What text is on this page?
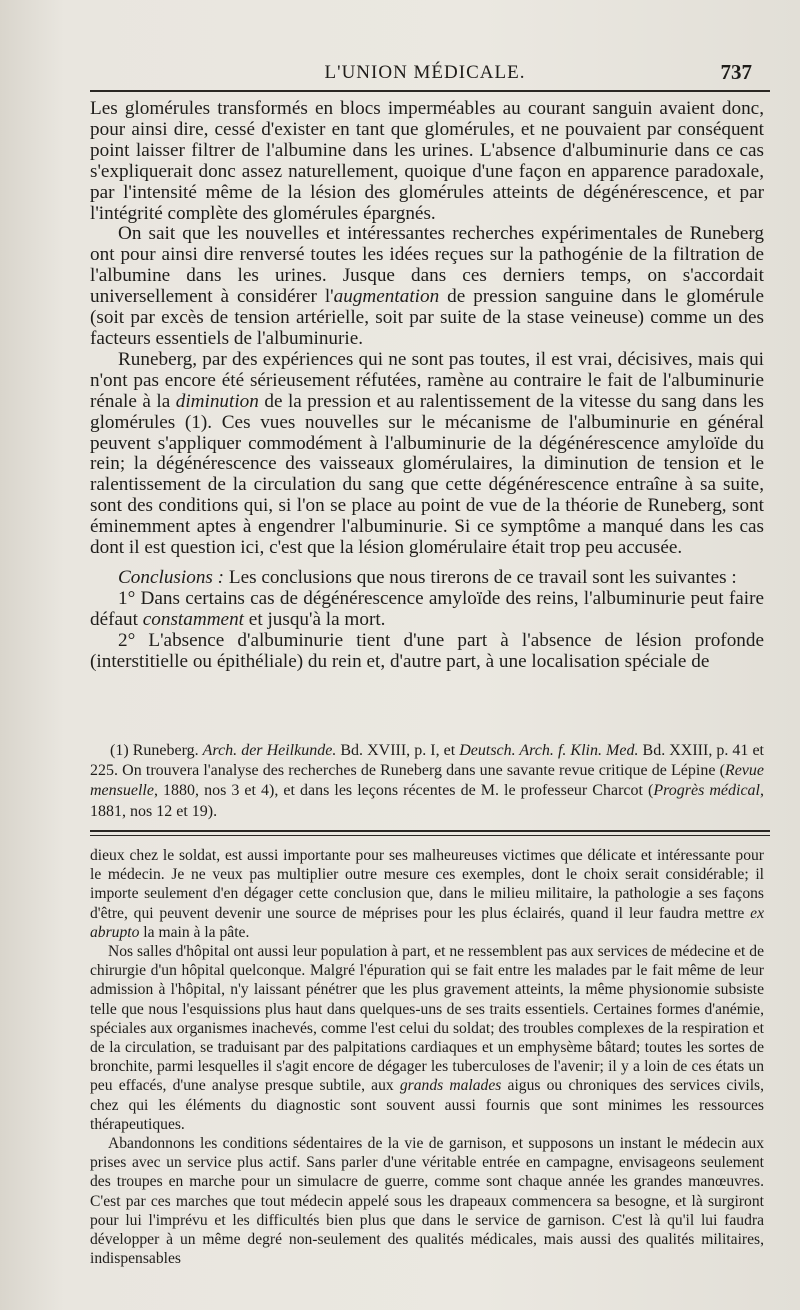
L'UNION MÉDICALE.	737

Les glomérules transformés en blocs imperméables au courant sanguin avaient donc, pour ainsi dire, cessé d'exister en tant que glomérules, et ne pouvaient par conséquent point laisser filtrer de l'albumine dans les urines. L'absence d'albuminurie dans ce cas s'expliquerait donc assez naturellement, quoique d'une façon en apparence paradoxale, par l'intensité même de la lésion des glomérules atteints de dégénérescence, et par l'intégrité complète des glomérules épargnés.

On sait que les nouvelles et intéressantes recherches expérimentales de Runeberg ont pour ainsi dire renversé toutes les idées reçues sur la pathogénie de la filtration de l'albumine dans les urines. Jusque dans ces derniers temps, on s'accordait universellement à considérer l'augmentation de pression sanguine dans le glomérule (soit par excès de tension artérielle, soit par suite de la stase veineuse) comme un des facteurs essentiels de l'albuminurie.

Runeberg, par des expériences qui ne sont pas toutes, il est vrai, décisives, mais qui n'ont pas encore été sérieusement réfutées, ramène au contraire le fait de l'albuminurie rénale à la diminution de la pression et au ralentissement de la vitesse du sang dans les glomérules (1). Ces vues nouvelles sur le mécanisme de l'albuminurie en général peuvent s'appliquer commodément à l'albuminurie de la dégénérescence amyloïde du rein; la dégénérescence des vaisseaux glomérulaires, la diminution de tension et le ralentissement de la circulation du sang que cette dégénérescence entraîne à sa suite, sont des conditions qui, si l'on se place au point de vue de la théorie de Runeberg, sont éminemment aptes à engendrer l'albuminurie. Si ce symptôme a manqué dans les cas dont il est question ici, c'est que la lésion glomérulaire était trop peu accusée.

Conclusions : Les conclusions que nous tirerons de ce travail sont les suivantes :

1° Dans certains cas de dégénérescence amyloïde des reins, l'albuminurie peut faire défaut constamment et jusqu'à la mort.

2° L'absence d'albuminurie tient d'une part à l'absence de lésion profonde (interstitielle ou épithéliale) du rein et, d'autre part, à une localisation spéciale de

(1) Runeberg. Arch. der Heilkunde. Bd. XVIII, p. I, et Deutsch. Arch. f. Klin. Med. Bd. XXIII, p. 41 et 225. On trouvera l'analyse des recherches de Runeberg dans une savante revue critique de Lépine (Revue mensuelle, 1880, nos 3 et 4), et dans les leçons récentes de M. le professeur Charcot (Progrès médical, 1881, nos 12 et 19).

dieux chez le soldat, est aussi importante pour ses malheureuses victimes que délicate et intéressante pour le médecin. Je ne veux pas multiplier outre mesure ces exemples, dont le choix serait considérable; il importe seulement d'en dégager cette conclusion que, dans le milieu militaire, la pathologie a ses façons d'être, qui peuvent devenir une source de méprises pour les plus éclairés, quand il leur faudra mettre ex abrupto la main à la pâte.

Nos salles d'hôpital ont aussi leur population à part, et ne ressemblent pas aux services de médecine et de chirurgie d'un hôpital quelconque. Malgré l'épuration qui se fait entre les malades par le fait même de leur admission à l'hôpital, n'y laissant pénétrer que les plus gravement atteints, la même physionomie subsiste telle que nous l'esquissions plus haut dans quelques-uns de ses traits essentiels. Certaines formes d'anémie, spéciales aux organismes inachevés, comme l'est celui du soldat; des troubles complexes de la respiration et de la circulation, se traduisant par des palpitations cardiaques et un emphysème bâtard; toutes les sortes de bronchite, parmi lesquelles il s'agit encore de dégager les tuberculoses de l'avenir; il y a loin de ces états un peu effacés, d'une analyse presque subtile, aux grands malades aigus ou chroniques des services civils, chez qui les éléments du diagnostic sont souvent aussi fournis que sont minimes les ressources thérapeutiques.

Abandonnons les conditions sédentaires de la vie de garnison, et supposons un instant le médecin aux prises avec un service plus actif. Sans parler d'une véritable entrée en campagne, envisageons seulement des troupes en marche pour un simulacre de guerre, comme sont chaque année les grandes manœuvres. C'est par ces marches que tout médecin appelé sous les drapeaux commencera sa besogne, et là surgiront pour lui l'imprévu et les difficultés bien plus que dans le service de garnison. C'est là qu'il lui faudra développer à un même degré non-seulement des qualités médicales, mais aussi des qualités militaires, indispensables
